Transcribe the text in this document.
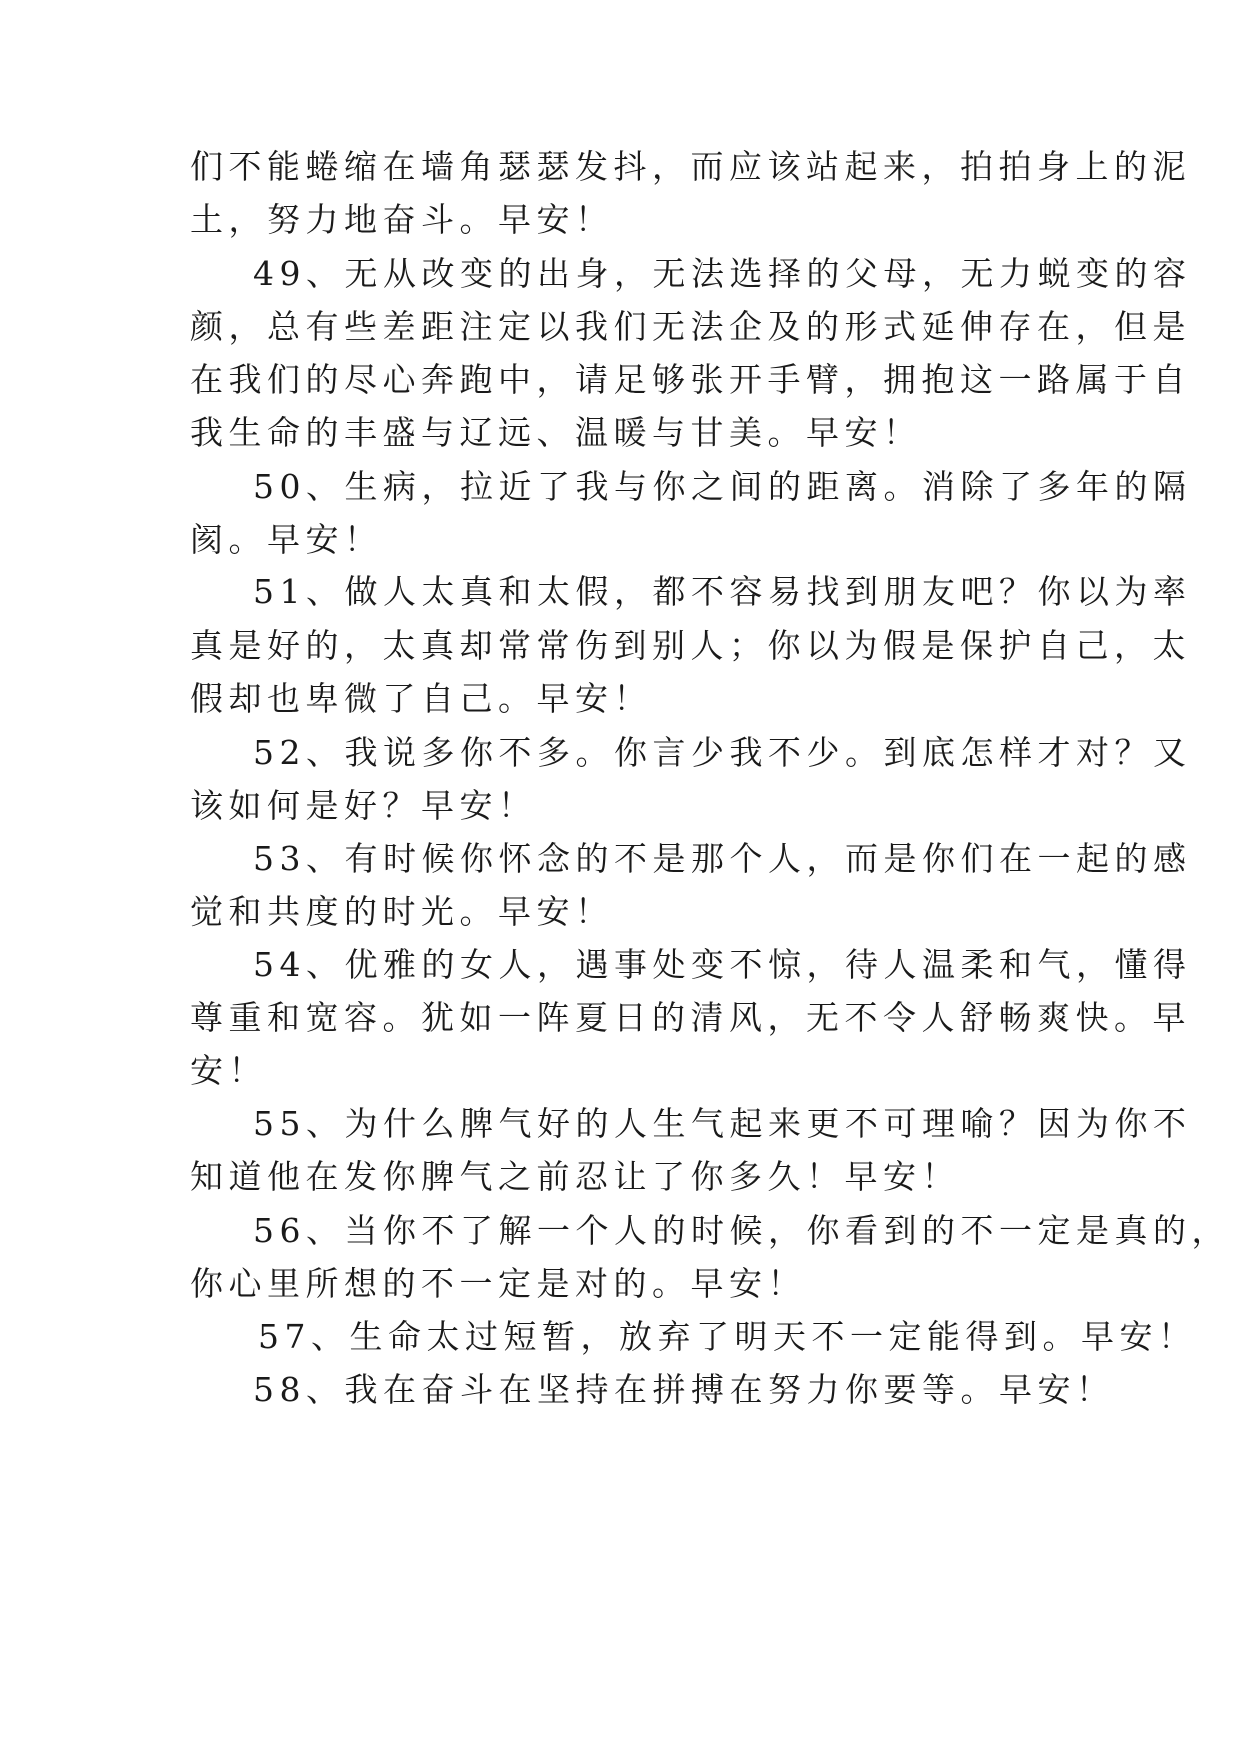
们不能蜷缩在墙角瑟瑟发抖，而应该站起来，拍拍身上的泥
土，努力地奋斗。早安！
49、无从改变的出身，无法选择的父母，无力蜕变的容
颜，总有些差距注定以我们无法企及的形式延伸存在，但是
在我们的尽心奔跑中，请足够张开手臂，拥抱这一路属于自
我生命的丰盛与辽远、温暖与甘美。早安！
50、生病，拉近了我与你之间的距离。消除了多年的隔
阂。早安！
51、做人太真和太假，都不容易找到朋友吧？你以为率
真是好的，太真却常常伤到别人；你以为假是保护自己，太
假却也卑微了自己。早安！
52、我说多你不多。你言少我不少。到底怎样才对？又
该如何是好？早安！
53、有时候你怀念的不是那个人，而是你们在一起的感
觉和共度的时光。早安！
54、优雅的女人，遇事处变不惊，待人温柔和气，懂得
尊重和宽容。犹如一阵夏日的清风，无不令人舒畅爽快。早
安！
55、为什么脾气好的人生气起来更不可理喻？因为你不
知道他在发你脾气之前忍让了你多久！早安！
56、当你不了解一个人的时候，你看到的不一定是真的，
你心里所想的不一定是对的。早安！
57、生命太过短暂，放弃了明天不一定能得到。早安！
58、我在奋斗在坚持在拼搏在努力你要等。早安！
